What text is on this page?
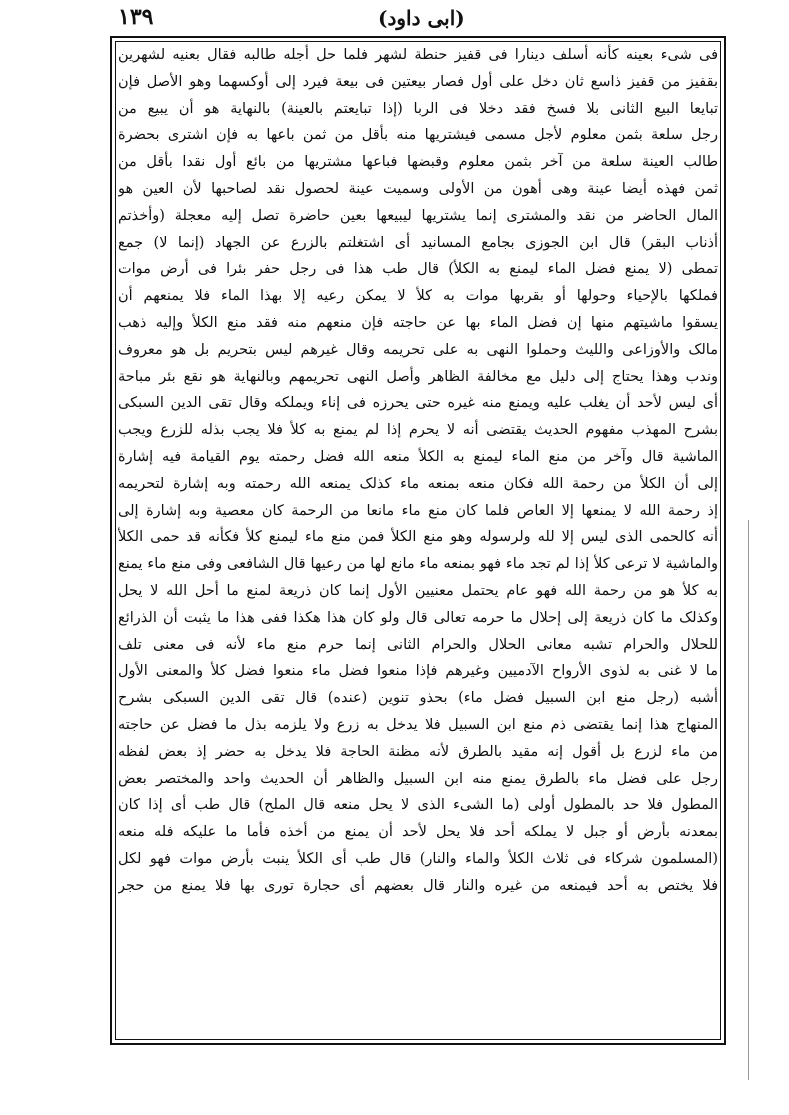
١٣٩	(ابی داود)
فی شیء بعینه کأنه أسلف دینارا فی قفیز حنطة لشهر فلما حل أجله طالبه فقال بعنیه لشهرین
بقفیز من قفیز ذاسع ثان دخل علی أول فصار بیعتین فی بیعة فیرد إلی أوکسهما وهو الأصل فإن
تبایعا البیع الثانی بلا فسخ فقد دخلا فی الربا (إذا تبایعتم بالعینة) بالنهایة هو أن یبیع من
رجل سلعة بثمن معلوم لأجل مسمی فیشتریها منه بأقل من ثمن باعها به فإن اشتری بحضرة
طالب العینة سلعة من آخر بثمن معلوم وقبضها فباعها مشتریها من بائع أول نقدا بأقل من
ثمن فهذه أیضا عینة وهی أهون من الأولی وسمیت عینة لحصول نقد لصاحبها لأن العین هو
المال الحاضر من نقد والمشتری إنما یشتریها لیبیعها بعین حاضرة تصل إلیه معجلة (وأخذتم
أذناب البقر) قال ابن الجوزی بجامع المسانید أی اشتغلتم بالزرع عن الجهاد (إنما لا) جمع
تمطی (لا یمنع فضل الماء لیمنع به الکلأ) قال طب هذا فی رجل حفر بئرا فی أرض موات
فملکها بالإحیاء وحولها أو بقربها موات به کلأ لا یمکن رعیه إلا بهذا الماء فلا یمنعهم أن
یسقوا ماشیتهم منها إن فضل الماء بها عن حاجته فإن منعهم منه فقد منع الکلأ وإلیه ذهب
مالک والأوزاعی واللیث وحملوا النهی به علی تحریمه وقال غیرهم لیس بتحریم بل هو معروف
وندب وهذا یحتاج إلی دلیل مع مخالفة الظاهر وأصل النهی تحریمهم وبالنهایة هو نقع بئر مباحة
أی لیس لأحد أن یغلب علیه ویمنع منه غیره حتی یحرزه فی إناء ویملکه وقال تقی الدین السبکی
بشرح المهذب مفهوم الحدیث یقتضی أنه لا یحرم إذا لم یمنع به کلأ فلا یجب بذله للزرع ویجب
الماشیة قال وآخر من منع الماء لیمنع به الکلأ منعه الله فضل رحمته یوم القیامة فیه إشارة
إلی أن الکلأ من رحمة الله فکان منعه بمنعه ماء کذلک یمنعه الله رحمته وبه إشارة لتحریمه
إذ رحمة الله لا یمنعها إلا العاص فلما کان منع ماء مانعا من الرحمة کان معصیة وبه إشارة إلی
أنه کالحمی الذی لیس إلا لله ولرسوله وهو منع الکلأ فمن منع ماء لیمنع کلأ فکأنه قد حمی الکلأ
والماشیة لا ترعی کلأ إذا لم تجد ماء فهو بمنعه ماء مانع لها من رعیها قال الشافعی وفی منع ماء یمنع
به کلأ هو من رحمة الله فهو عام یحتمل معنیین الأول إنما کان ذریعة لمنع ما أحل الله لا یحل
وکذلک ما کان ذریعة إلی إحلال ما حرمه تعالی قال ولو کان هذا هکذا ففی هذا ما یثبت أن الذرائع
للحلال والحرام تشبه معانی الحلال والحرام الثانی إنما حرم منع ماء لأنه فی معنی تلف
ما لا غنی به لذوی الأرواح الآدمیین وغیرهم فإذا منعوا فضل ماء منعوا فضل کلأ والمعنی الأول
أشبه (رجل منع ابن السبیل فضل ماء) بحذو تنوین (عنده) قال تقی الدین السبکی بشرح
المنهاج هذا إنما یقتضی ذم منع ابن السبیل فلا یدخل به زرع ولا یلزمه بذل ما فضل عن حاجته
من ماء لزرع بل أقول إنه مقید بالطرق لأنه مظنة الحاجة فلا یدخل به حضر إذ بعض لفظه
رجل علی فضل ماء بالطرق یمنع منه ابن السبیل والظاهر أن الحدیث واحد والمختصر بعض
المطول فلا حد بالمطول أولی (ما الشیء الذی لا یحل منعه قال الملح) قال طب أی إذا کان
بمعدنه بأرض أو جبل لا یملکه أحد فلا یحل لأحد أن یمنع من أخذه فأما ما علیکه فله منعه
(المسلمون شرکاء فی ثلاث الکلأ والماء والنار) قال طب أی الکلأ ینبت بأرض موات فهو لکل
فلا یختص به أحد فیمنعه من غیره والنار قال بعضهم أی حجارة توری بها فلا یمنع من حجر
